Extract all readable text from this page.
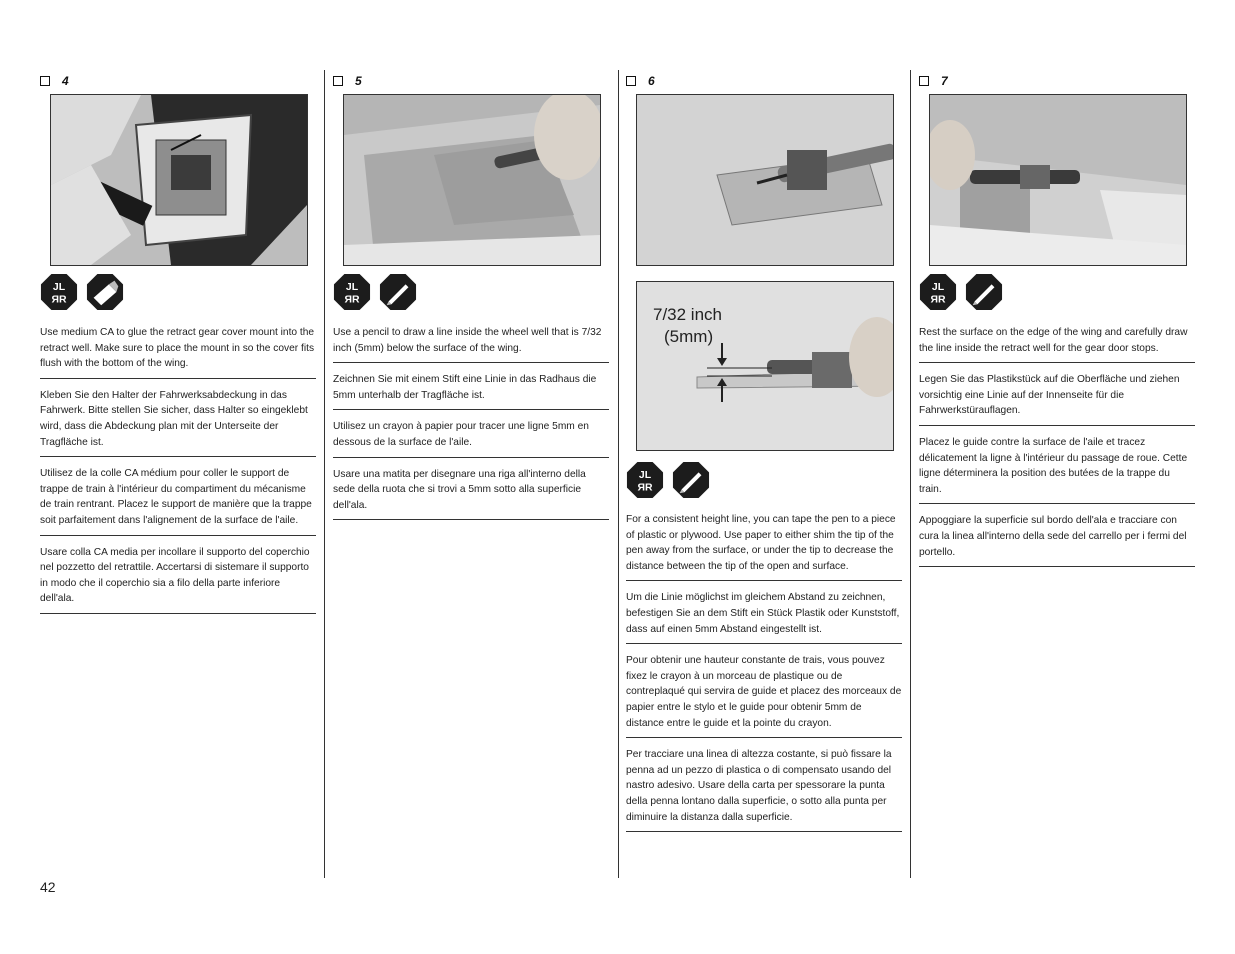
4
JL
ЯR
Use medium CA to glue the retract gear cover mount into the retract well. Make sure to place the mount in so the cover fits flush with the bottom of the wing.
Kleben Sie den Halter der Fahrwerksabdeckung in das Fahrwerk. Bitte stellen Sie sicher, dass Halter so eingeklebt wird, dass die Abdeckung plan mit der Unterseite der Tragfläche ist.
Utilisez de la colle CA médium pour coller le support de trappe de train à l'intérieur du compartiment du mécanisme de train rentrant. Placez le support de manière que la trappe soit parfaitement dans l'alignement de la surface de l'aile.
Usare colla CA media per incollare il supporto del coperchio nel pozzetto del retrattile. Accertarsi di sistemare il supporto in modo che il coperchio sia a filo della parte inferiore dell'ala.
5
JL
ЯR
Use a pencil to draw a line inside the wheel well that is 7/32 inch (5mm) below the surface of the wing.
Zeichnen Sie mit einem Stift eine Linie in das Radhaus die 5mm unterhalb der Tragfläche ist.
Utilisez un crayon à papier pour tracer une ligne 5mm en dessous de la surface de l'aile.
Usare una matita per disegnare una riga all'interno della sede della ruota che si trovi a 5mm sotto alla superficie dell'ala.
6
7/32 inch
(5mm)
JL
ЯR
For a consistent height line, you can tape the pen to a piece of plastic or plywood. Use paper to either shim the tip of the pen away from the surface, or under the tip to decrease the distance between the tip of the open and surface.
Um die Linie möglichst im gleichem Abstand zu zeichnen, befestigen Sie an dem Stift ein Stück Plastik oder Kunststoff, dass auf einen 5mm Abstand eingestellt ist.
Pour obtenir une hauteur constante de trais, vous pouvez fixez le crayon à un morceau de plastique ou de contreplaqué qui servira de guide et placez des morceaux de papier entre le stylo et le guide pour obtenir 5mm de distance entre le guide et la pointe du crayon.
Per tracciare una linea di altezza costante, si può fissare la penna ad un pezzo di plastica o di compensato usando del nastro adesivo. Usare della carta per spessorare la punta della penna lontano dalla superficie, o sotto alla punta per diminuire la distanza dalla superficie.
7
JL
ЯR
Rest the surface on the edge of the wing and carefully draw the line inside the retract well for the gear door stops.
Legen Sie das Plastikstück auf die Oberfläche und ziehen vorsichtig eine Linie auf der Innenseite für die Fahrwerkstürauflagen.
Placez le guide contre la surface de l'aile et tracez délicatement la ligne à l'intérieur du passage de roue. Cette ligne déterminera la position des butées de la trappe du train.
Appoggiare la superficie sul bordo dell'ala e tracciare con cura la linea all'interno della sede del carrello per i fermi del portello.
42
